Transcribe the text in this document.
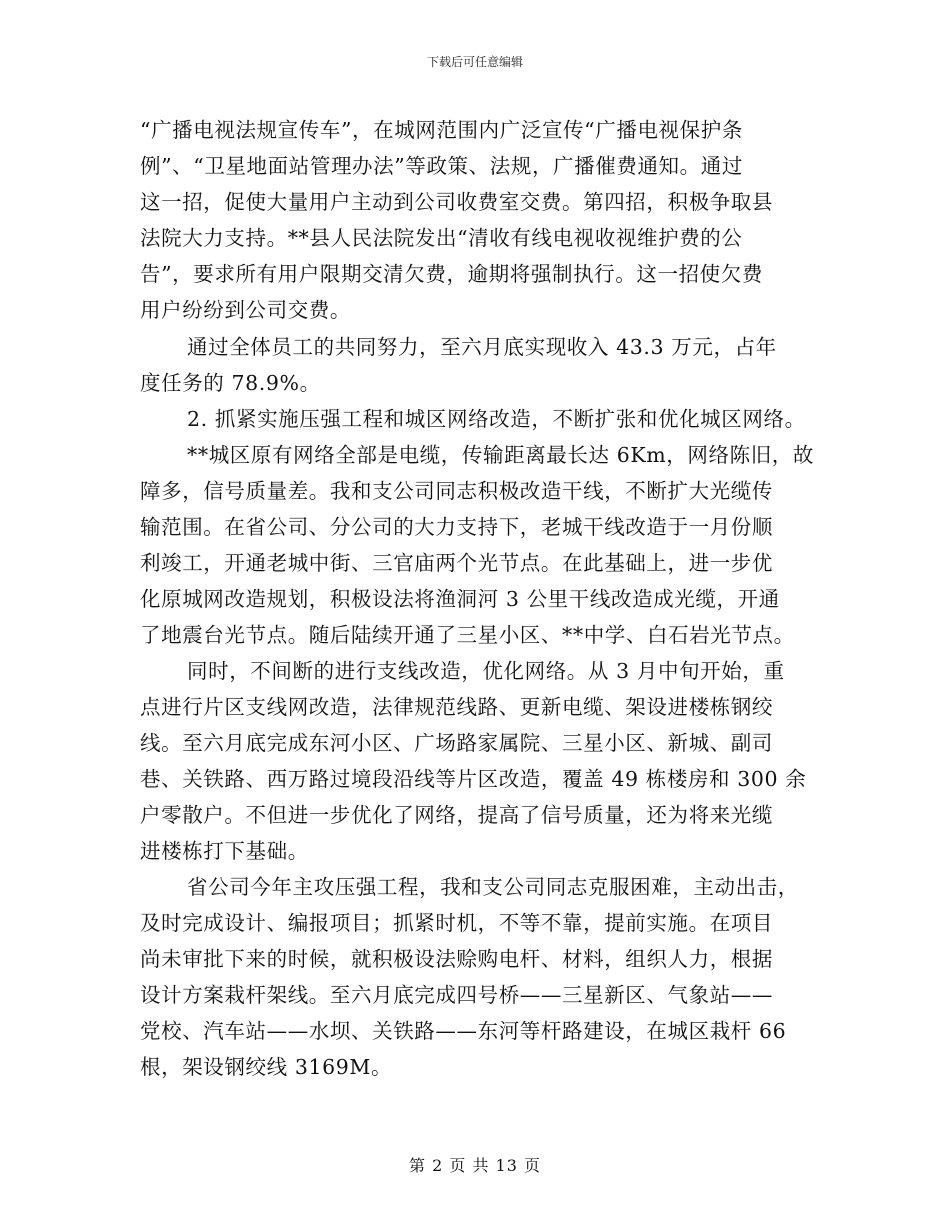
下载后可任意编辑
“广播电视法规宣传车”，在城网范围内广泛宣传“广播电视保护条
例”、“卫星地面站管理办法”等政策、法规，广播催费通知。通过
这一招，促使大量用户主动到公司收费室交费。第四招，积极争取县
法院大力支持。**县人民法院发出“清收有线电视收视维护费的公
告”，要求所有用户限期交清欠费，逾期将强制执行。这一招使欠费
用户纷纷到公司交费。
通过全体员工的共同努力，至六月底实现收入 43.3 万元，占年
度任务的 78.9%。
2. 抓紧实施压强工程和城区网络改造，不断扩张和优化城区网络。
**城区原有网络全部是电缆，传输距离最长达 6Km，网络陈旧，故
障多，信号质量差。我和支公司同志积极改造干线，不断扩大光缆传
输范围。在省公司、分公司的大力支持下，老城干线改造于一月份顺
利竣工，开通老城中街、三官庙两个光节点。在此基础上，进一步优
化原城网改造规划，积极设法将渔洞河 3 公里干线改造成光缆，开通
了地震台光节点。随后陆续开通了三星小区、**中学、白石岩光节点。
同时，不间断的进行支线改造，优化网络。从 3 月中旬开始，重
点进行片区支线网改造，法律规范线路、更新电缆、架设进楼栋钢绞
线。至六月底完成东河小区、广场路家属院、三星小区、新城、副司
巷、关铁路、西万路过境段沿线等片区改造，覆盖 49 栋楼房和 300 余
户零散户。不但进一步优化了网络，提高了信号质量，还为将来光缆
进楼栋打下基础。
省公司今年主攻压强工程，我和支公司同志克服困难，主动出击，
及时完成设计、编报项目；抓紧时机，不等不靠，提前实施。在项目
尚未审批下来的时候，就积极设法赊购电杆、材料，组织人力，根据
设计方案栽杆架线。至六月底完成四号桥——三星新区、气象站——
党校、汽车站——水坝、关铁路——东河等杆路建设，在城区栽杆 66
根，架设钢绞线 3169M。
第 2 页 共 13 页
